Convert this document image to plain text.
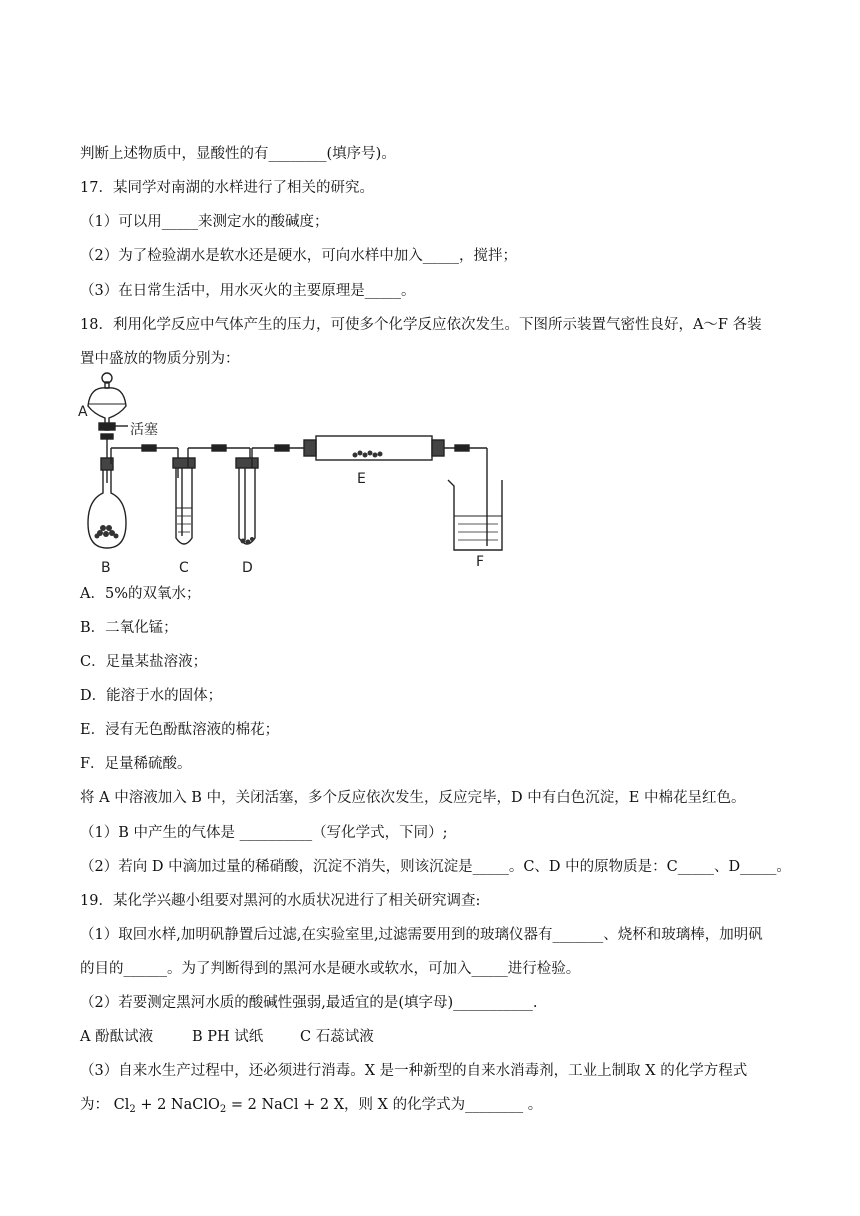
判断上述物质中，显酸性的有________(填序号)。
17．某同学对南湖的水样进行了相关的研究。
（1）可以用_____来测定水的酸碱度；
（2）为了检验湖水是软水还是硬水，可向水样中加入_____，搅拌；
（3）在日常生活中，用水灭火的主要原理是_____。
18．利用化学反应中气体产生的压力，可使多个化学反应依次发生。下图所示装置气密性良好，A～F 各装
置中盛放的物质分别为：
A
活塞
B	C	D
E
F
A．5%的双氧水；
B．二氧化锰；
C．足量某盐溶液；
D．能溶于水的固体；
E．浸有无色酚酞溶液的棉花；
F．足量稀硫酸。
将 A 中溶液加入 B 中，关闭活塞，多个反应依次发生，反应完毕，D 中有白色沉淀，E 中棉花呈红色。
（1）B 中产生的气体是 __________（写化学式，下同）;
（2）若向 D 中滴加过量的稀硝酸，沉淀不消失，则该沉淀是_____。C、D 中的原物质是：C_____、D_____。
19．某化学兴趣小组要对黑河的水质状况进行了相关研究调查:
（1）取回水样,加明矾静置后过滤,在实验室里,过滤需要用到的玻璃仪器有_______、烧杯和玻璃棒，加明矾
的目的______。为了判断得到的黑河水是硬水或软水，可加入_____进行检验。
（2）若要测定黑河水质的酸碱性强弱,最适宜的是(填字母)___________.
A 酚酞试液	B PH 试纸	C 石蕊试液
（3）自来水生产过程中，还必须进行消毒。X 是一种新型的自来水消毒剂，工业上制取 X 的化学方程式
为： $Cl_2 + 2$ NaClO$_2$ = 2 NaCl + 2 X，则 X 的化学式为________ 。
